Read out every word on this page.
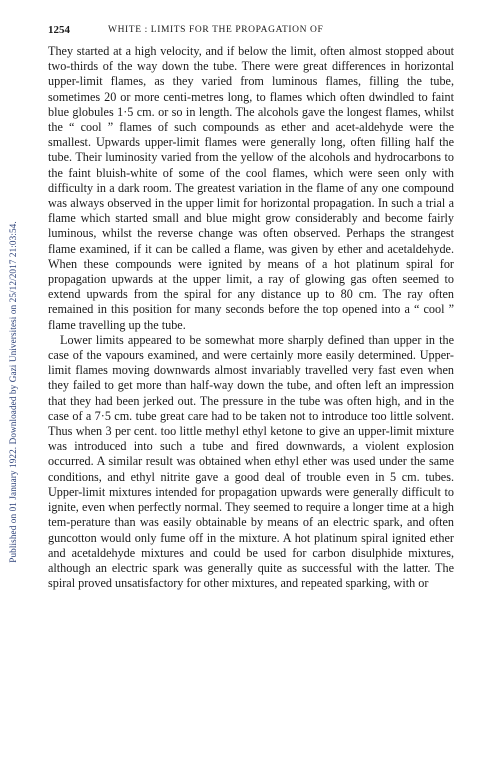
1254	WHITE : LIMITS FOR THE PROPAGATION OF
Published on 01 January 1922. Downloaded by Gazi Universitesi on 25/12/2017 21:03:54.

They started at a high velocity, and if below the limit, often almost stopped about two-thirds of the way down the tube. There were great differences in horizontal upper-limit flames, as they varied from luminous flames, filling the tube, sometimes 20 or more centi-metres long, to flames which often dwindled to faint blue globules 1·5 cm. or so in length. The alcohols gave the longest flames, whilst the “ cool ” flames of such compounds as ether and acet-aldehyde were the smallest. Upwards upper-limit flames were generally long, often filling half the tube. Their luminosity varied from the yellow of the alcohols and hydrocarbons to the faint bluish-white of some of the cool flames, which were seen only with difficulty in a dark room. The greatest variation in the flame of any one compound was always observed in the upper limit for horizontal propagation. In such a trial a flame which started small and blue might grow considerably and become fairly luminous, whilst the reverse change was often observed. Perhaps the strangest flame examined, if it can be called a flame, was given by ether and acetaldehyde. When these compounds were ignited by means of a hot platinum spiral for propagation upwards at the upper limit, a ray of glowing gas often seemed to extend upwards from the spiral for any distance up to 80 cm. The ray often remained in this position for many seconds before the top opened into a “ cool ” flame travelling up the tube.

Lower limits appeared to be somewhat more sharply defined than upper in the case of the vapours examined, and were certainly more easily determined. Upper-limit flames moving downwards almost invariably travelled very fast even when they failed to get more than half-way down the tube, and often left an impression that they had been jerked out. The pressure in the tube was often high, and in the case of a 7·5 cm. tube great care had to be taken not to introduce too little solvent. Thus when 3 per cent. too little methyl ethyl ketone to give an upper-limit mixture was introduced into such a tube and fired downwards, a violent explosion occurred. A similar result was obtained when ethyl ether was used under the same conditions, and ethyl nitrite gave a good deal of trouble even in 5 cm. tubes. Upper-limit mixtures intended for propagation upwards were generally difficult to ignite, even when perfectly normal. They seemed to require a longer time at a high tem-perature than was easily obtainable by means of an electric spark, and often guncotton would only fume off in the mixture. A hot platinum spiral ignited ether and acetaldehyde mixtures and could be used for carbon disulphide mixtures, although an electric spark was generally quite as successful with the latter. The spiral proved unsatisfactory for other mixtures, and repeated sparking, with or
